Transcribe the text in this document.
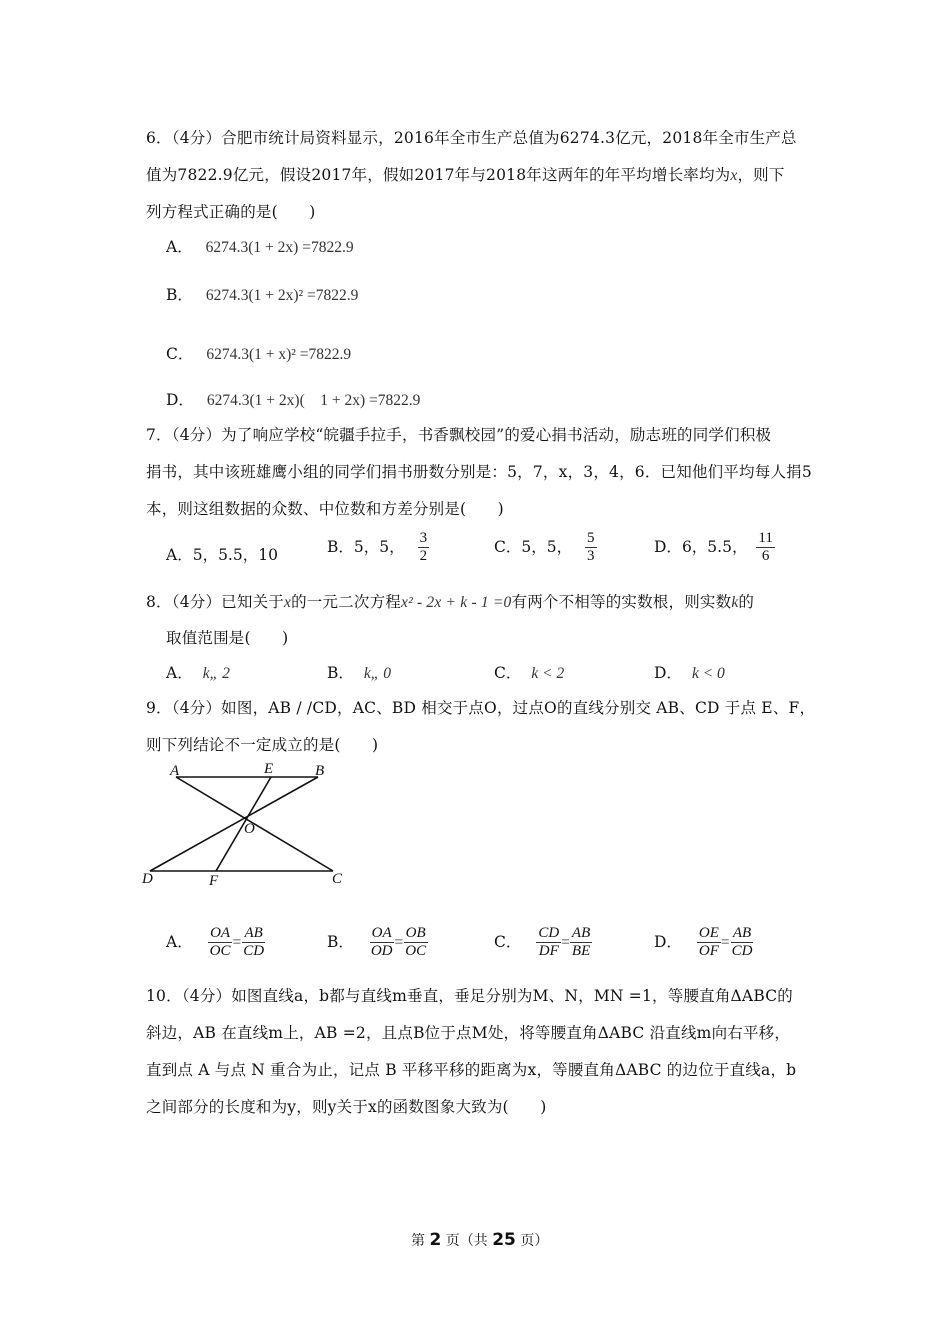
6．（4分）合肥市统计局资料显示，2016年全市生产总值为6274.3亿元，2018年全市生产总
值为7822.9亿元，假设2017年，假如2017年与2018年这两年的年平均增长率均为x，则下
列方程式正确的是(　　)
A． 6274.3(1 + 2x) =7822.9
B． 6274.3(1 + 2x)² =7822.9
C． 6274.3(1 + x)² =7822.9
D． 6274.3(1 + 2x)(　1 + 2x) =7822.9
7．（4分）为了响应学校“皖疆手拉手，书香飘校园”的爱心捐书活动，励志班的同学们积极
捐书，其中该班雄鹰小组的同学们捐书册数分别是：5，7，x，3，4，6．已知他们平均每人捐5
本，则这组数据的众数、中位数和方差分别是(　　)
A．5，5.5，10	B．5，5， $\frac{3}{2}$	C．5，5， $\frac{5}{3}$	D．6，5.5， $\frac{11}{6}$
8．（4分）已知关于x的一元二次方程x² - 2x + k - 1 =0有两个不相等的实数根，则实数k的
取值范围是(　　)
A． k„ 2	B． k„ 0	C． k < 2	D． k < 0
9．（4分）如图，AB / /CD，AC、BD 相交于点O，过点O的直线分别交 AB、CD 于点 E、F，
则下列结论不一定成立的是(　　)
A	E	B
O
D	F	C
A． $\frac{OA}{OC} = \frac{AB}{CD}$	B． $\frac{OA}{OD} = \frac{OB}{OC}$	C． $\frac{CD}{DF} = \frac{AB}{BE}$	D． $\frac{OE}{OF} = \frac{AB}{CD}$
10．（4分）如图直线a，b都与直线m垂直，垂足分别为M、N，MN =1，等腰直角ΔABC的
斜边，AB 在直线m上，AB =2，且点B位于点M处，将等腰直角ΔABC 沿直线m向右平移，
直到点 A 与点 N 重合为止，记点 B 平移平移的距离为x，等腰直角ΔABC 的边位于直线a，b
之间部分的长度和为y，则y关于x的函数图象大致为(　　)
第 2 页（共 25 页）
